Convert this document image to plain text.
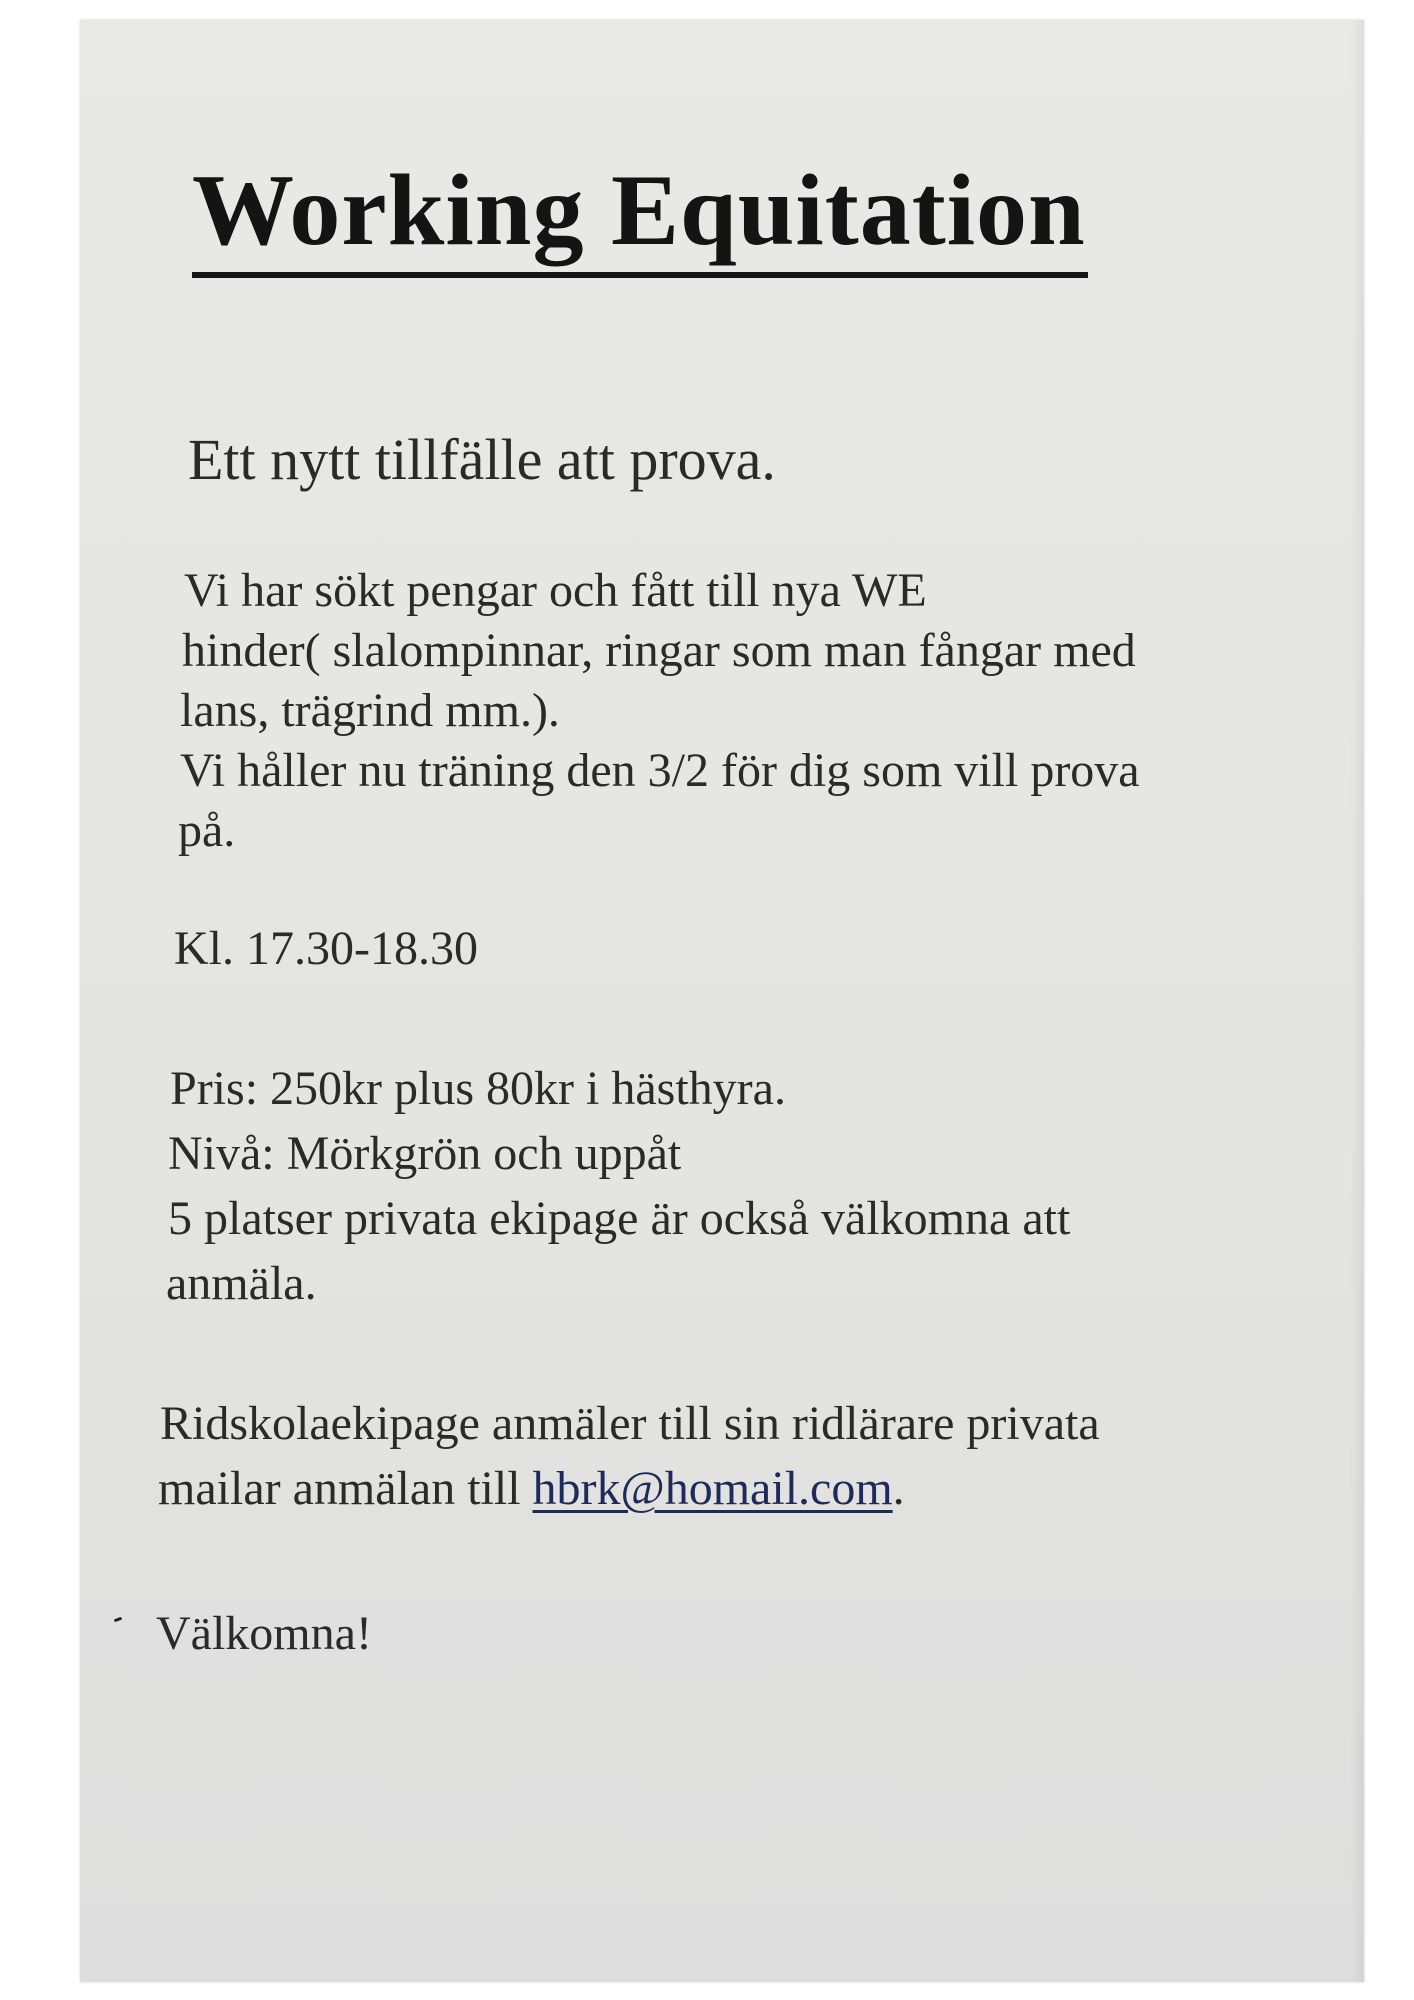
Working Equitation

Ett nytt tillfälle att prova.

Vi har sökt pengar och fått till nya WE

hinder( slalompinnar, ringar som man fångar med

lans, trägrind mm.).

Vi håller nu träning den 3/2 för dig som vill prova

på.

Kl. 17.30-18.30

Pris: 250kr plus 80kr i hästhyra.

Nivå: Mörkgrön och uppåt

5 platser privata ekipage är också välkomna att

anmäla.

Ridskolaekipage anmäler till sin ridlärare privata

mailar anmälan till hbrk@homail.com.

Välkomna!
